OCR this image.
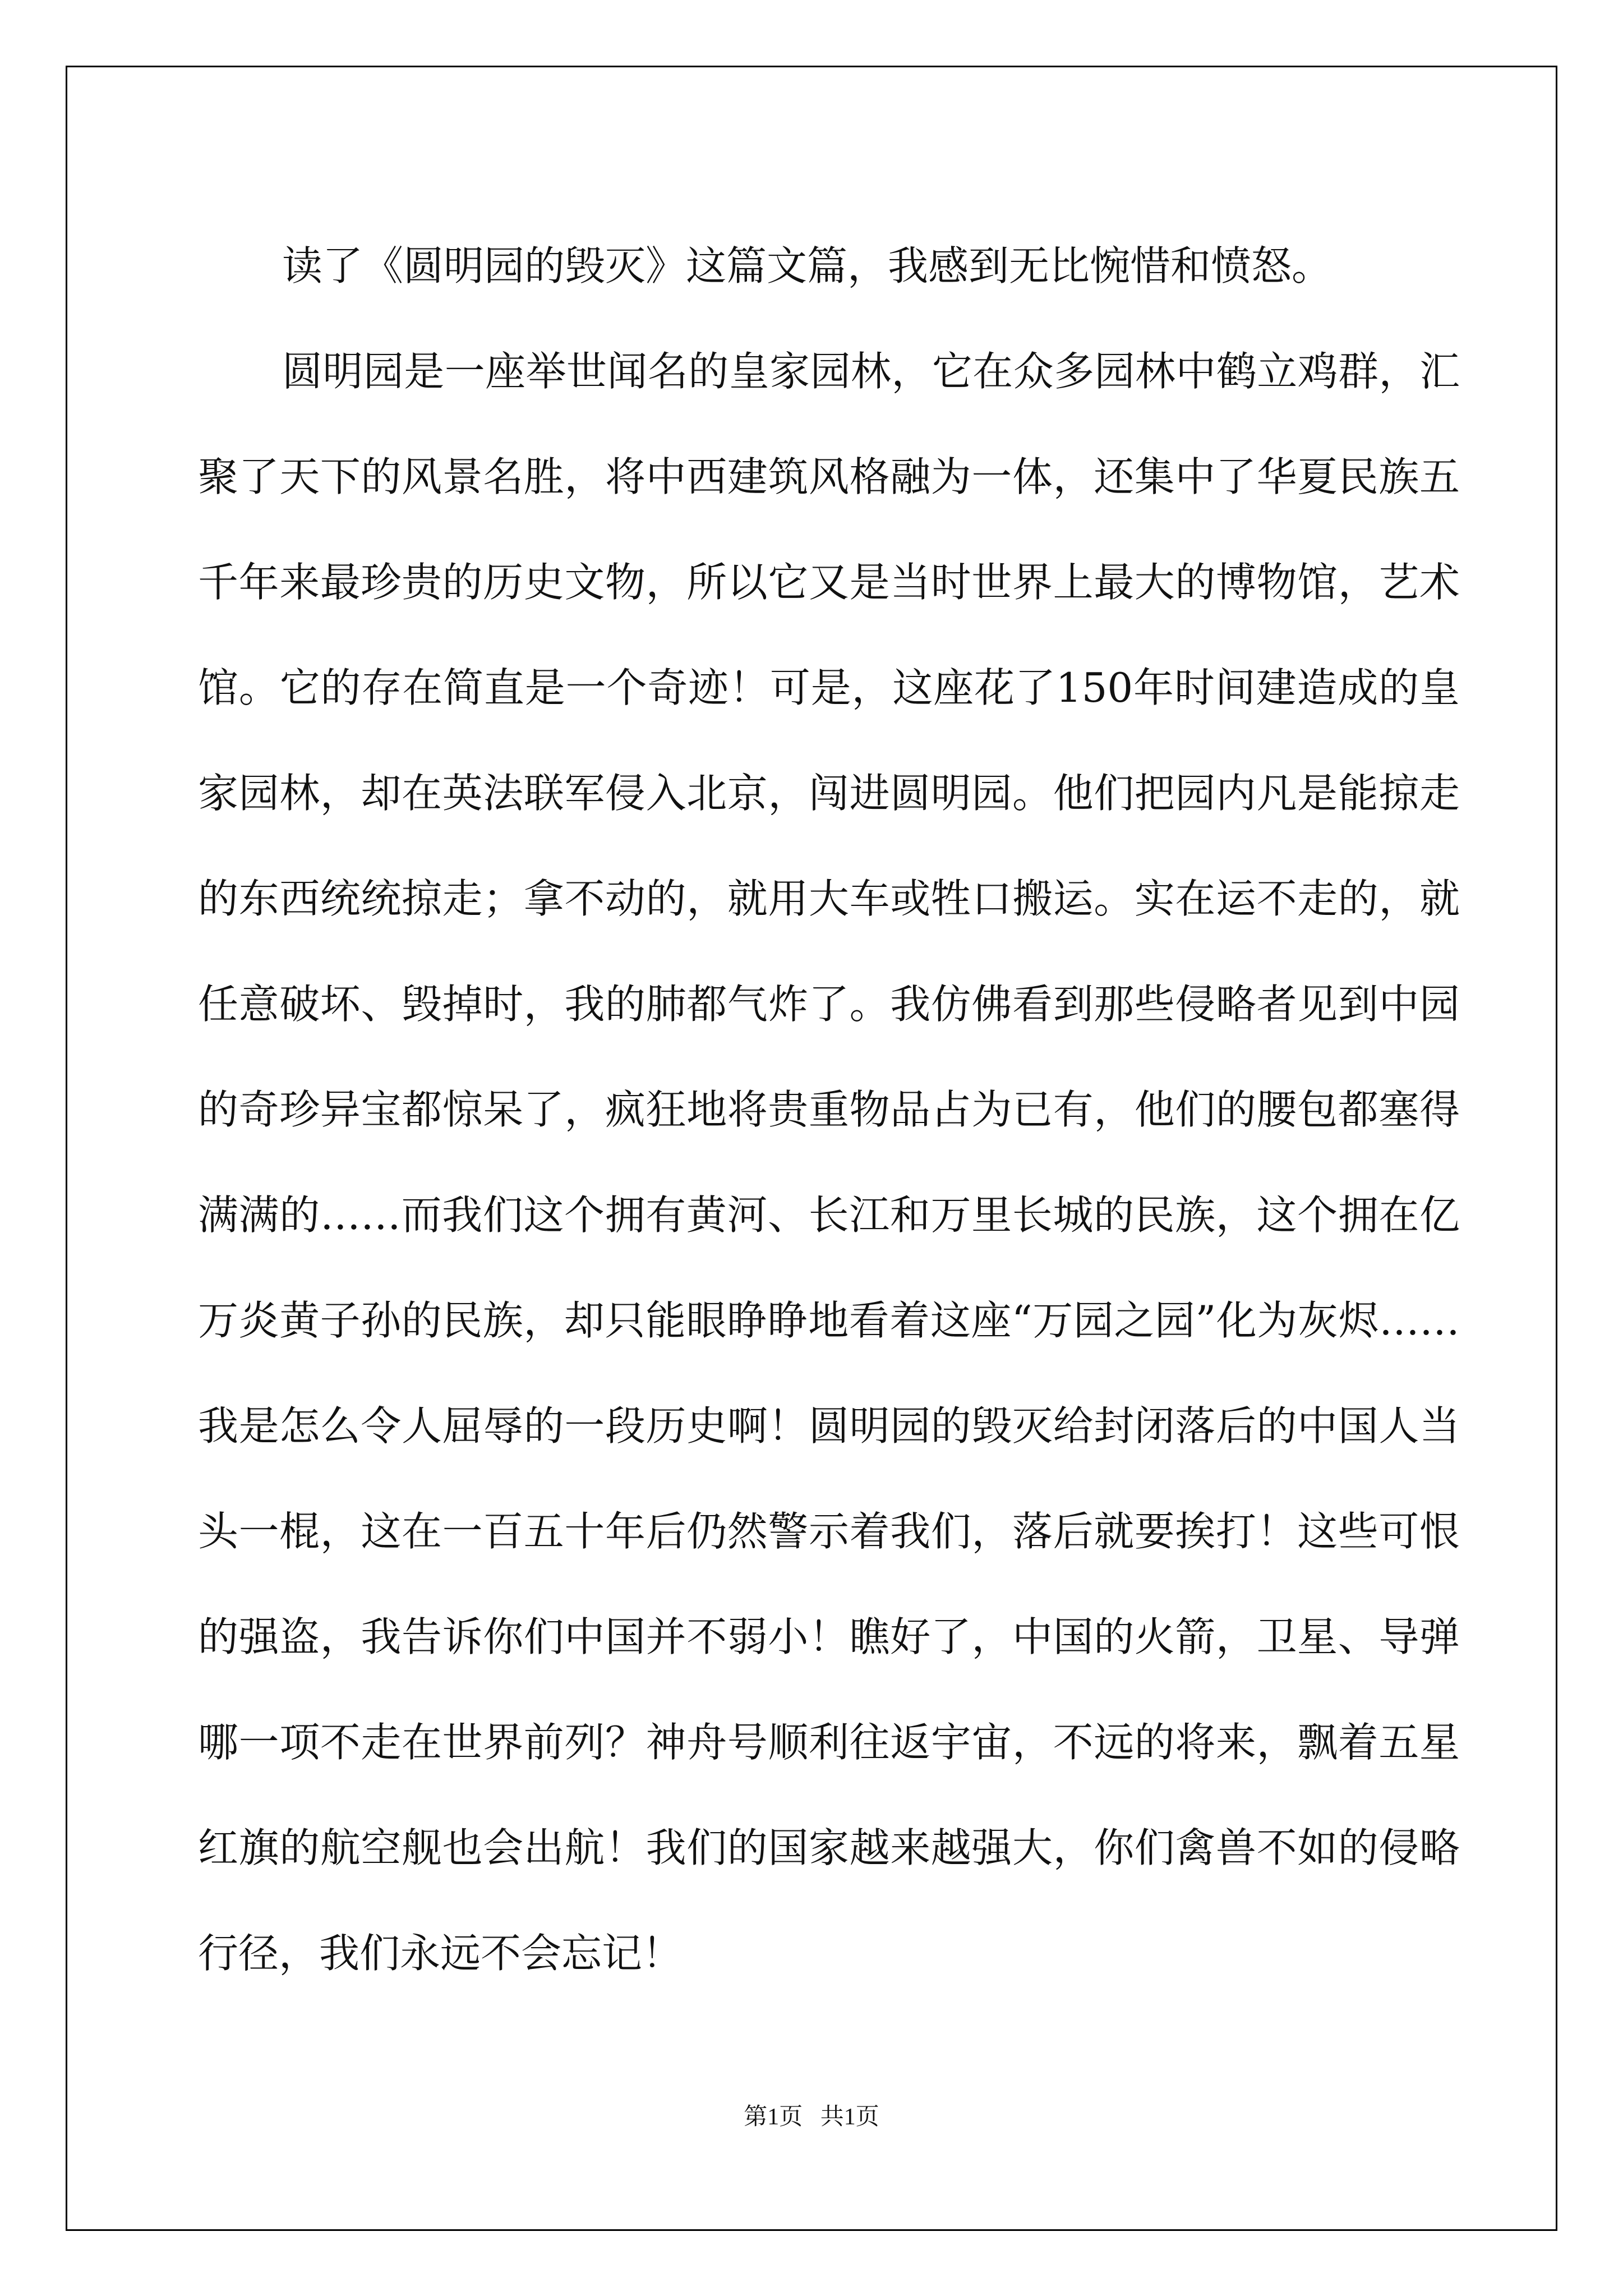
读了《圆明园的毁灭》这篇文篇，我感到无比惋惜和愤怒。

圆明园是一座举世闻名的皇家园林，它在众多园林中鹤立鸡群，汇聚了天下的风景名胜，将中西建筑风格融为一体，还集中了华夏民族五千年来最珍贵的历史文物，所以它又是当时世界上最大的博物馆，艺术馆。它的存在简直是一个奇迹！可是，这座花了150年时间建造成的皇家园林，却在英法联军侵入北京，闯进圆明园。他们把园内凡是能掠走的东西统统掠走；拿不动的，就用大车或牲口搬运。实在运不走的，就任意破坏、毁掉时，我的肺都气炸了。我仿佛看到那些侵略者见到中园的奇珍异宝都惊呆了，疯狂地将贵重物品占为已有，他们的腰包都塞得满满的……而我们这个拥有黄河、长江和万里长城的民族，这个拥在亿万炎黄子孙的民族，却只能眼睁睁地看着这座“万园之园”化为灰烬……我是怎么令人屈辱的一段历史啊！圆明园的毁灭给封闭落后的中国人当头一棍，这在一百五十年后仍然警示着我们，落后就要挨打！这些可恨的强盗，我告诉你们中国并不弱小！瞧好了，中国的火箭，卫星、导弹哪一项不走在世界前列？神舟号顺利往返宇宙，不远的将来，飘着五星红旗的航空舰也会出航！我们的国家越来越强大，你们禽兽不如的侵略行径，我们永远不会忘记！

第1页 共1页
